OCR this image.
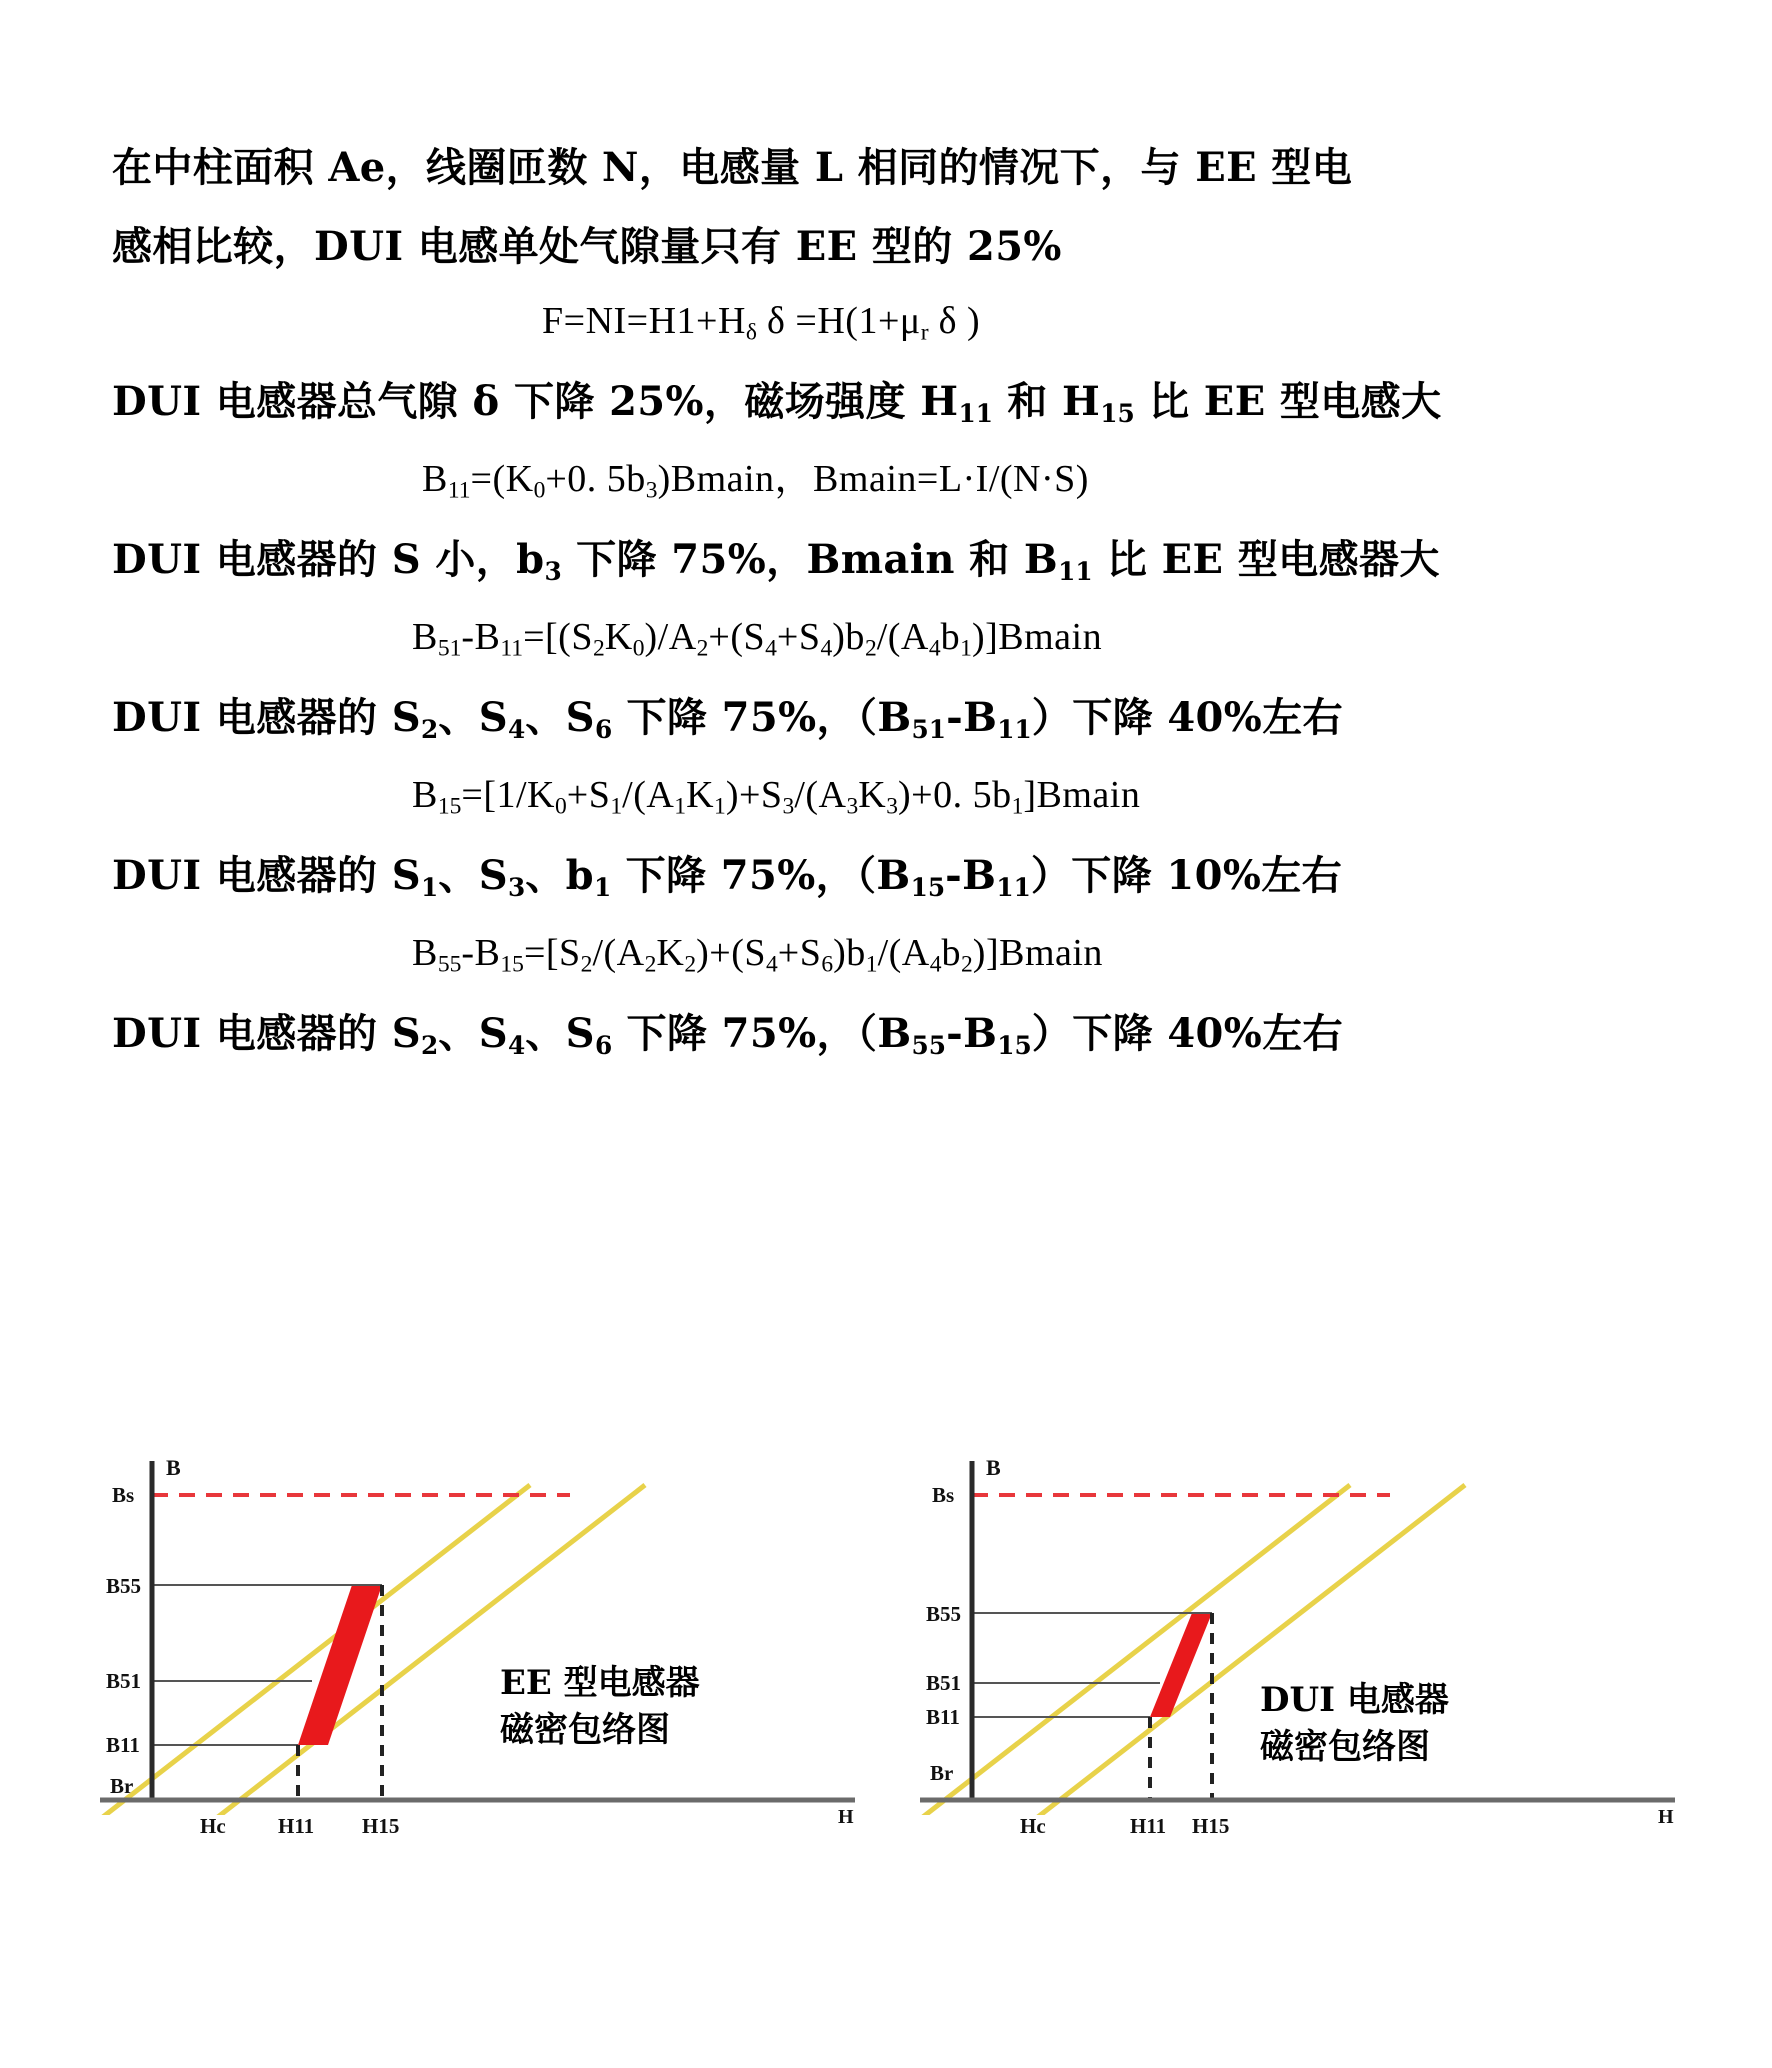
在中柱面积 Ae，线圈匝数 N，电感量 L 相同的情况下，与 EE 型电
感相比较，DUI 电感单处气隙量只有 EE 型的 25%
$F=NI=H1+H_\delta$ $\delta =H(1+\mu_r$ δ )
DUI 电感器总气隙 δ 下降 25%，磁场强度 $H_{11}$ 和 $H_{15}$ 比 EE 型电感大
$B_{11}=(K_0+0$. $5b_3)Bmain$，Bmain=L·I/(N·S)
DUI 电感器的 S 小，$b_3$ 下降 75%，Bmain 和 $B_{11}$ 比 EE 型电感器大
$B_{51}-B_{11}=[(S_2K_0)/A_2+(S_4+S_4)b_2/(A_4b_1)]Bmain$
DUI 电感器的 $S_2$、$S_4$、$S_6$ 下降 75%，$(B_{51}-B_{11})$下降 40%左右
$B_{15}=[1/K_0+S_1/(A_1K_1)+S_3/(A_3K_3)+0$. $5b_1]Bmain$
DUI 电感器的 $S_1$、$S_3$、$b_1$ 下降 75%，$(B_{15}-B_{11})$下降 10%左右
$B_{55}-B_{15}=[S_2/(A_2K_2)+(S_4+S_6)b_1/(A_4b_2)]Bmain$
DUI 电感器的 $S_2$、$S_4$、$S_6$ 下降 75%，$(B_{55}-B_{15})$下降 40%左右
B
H
Bs
B55
B51
B11
Br
Hc H11 H15
EE 型电感器
磁密包络图
B
H
Bs
B55
B51
B11
Br
Hc	H11 H15
DUI 电感器
磁密包络图
